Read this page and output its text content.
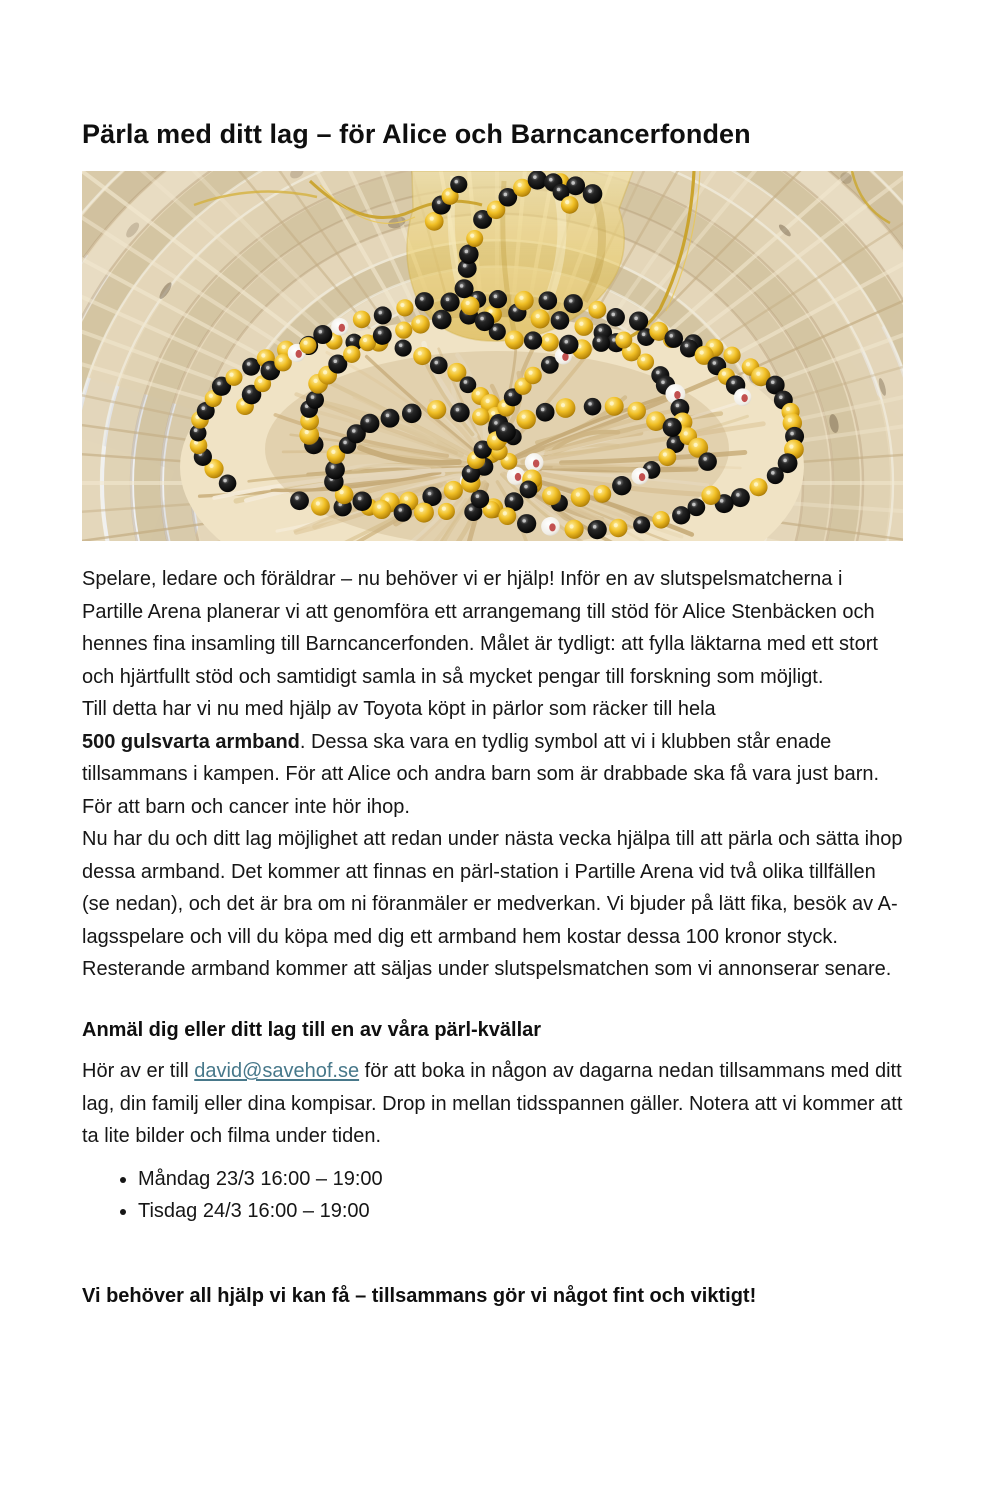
Pärla med ditt lag – för Alice och Barncancerfonden

Spelare, ledare och föräldrar – nu behöver vi er hjälp! Inför en av slutspelsmatcherna i Partille Arena planerar vi att genomföra ett arrangemang till stöd för Alice Stenbäcken och hennes fina insamling till Barncancerfonden. Målet är tydligt: att fylla läktarna med ett stort och hjärtfullt stöd och samtidigt samla in så mycket pengar till forskning som möjligt.

Till detta har vi nu med hjälp av Toyota köpt in pärlor som räcker till hela
500 gulsvarta armband. Dessa ska vara en tydlig symbol att vi i klubben står enade tillsammans i kampen. För att Alice och andra barn som är drabbade ska få vara just barn. För att barn och cancer inte hör ihop.

Nu har du och ditt lag möjlighet att redan under nästa vecka hjälpa till att pärla och sätta ihop dessa armband. Det kommer att finnas en pärl-station i Partille Arena vid två olika tillfällen (se nedan), och det är bra om ni föranmäler er medverkan. Vi bjuder på lätt fika, besök av A-lagsspelare och vill du köpa med dig ett armband hem kostar dessa 100 kronor styck. Resterande armband kommer att säljas under slutspelsmatchen som vi annonserar senare.

Anmäl dig eller ditt lag till en av våra pärl-kvällar

Hör av er till david@savehof.se för att boka in någon av dagarna nedan tillsammans med ditt lag, din familj eller dina kompisar. Drop in mellan tidsspannen gäller. Notera att vi kommer att ta lite bilder och filma under tiden.

• Måndag 23/3 16:00 – 19:00
• Tisdag 24/3 16:00 – 19:00

Vi behöver all hjälp vi kan få – tillsammans gör vi något fint och viktigt!
